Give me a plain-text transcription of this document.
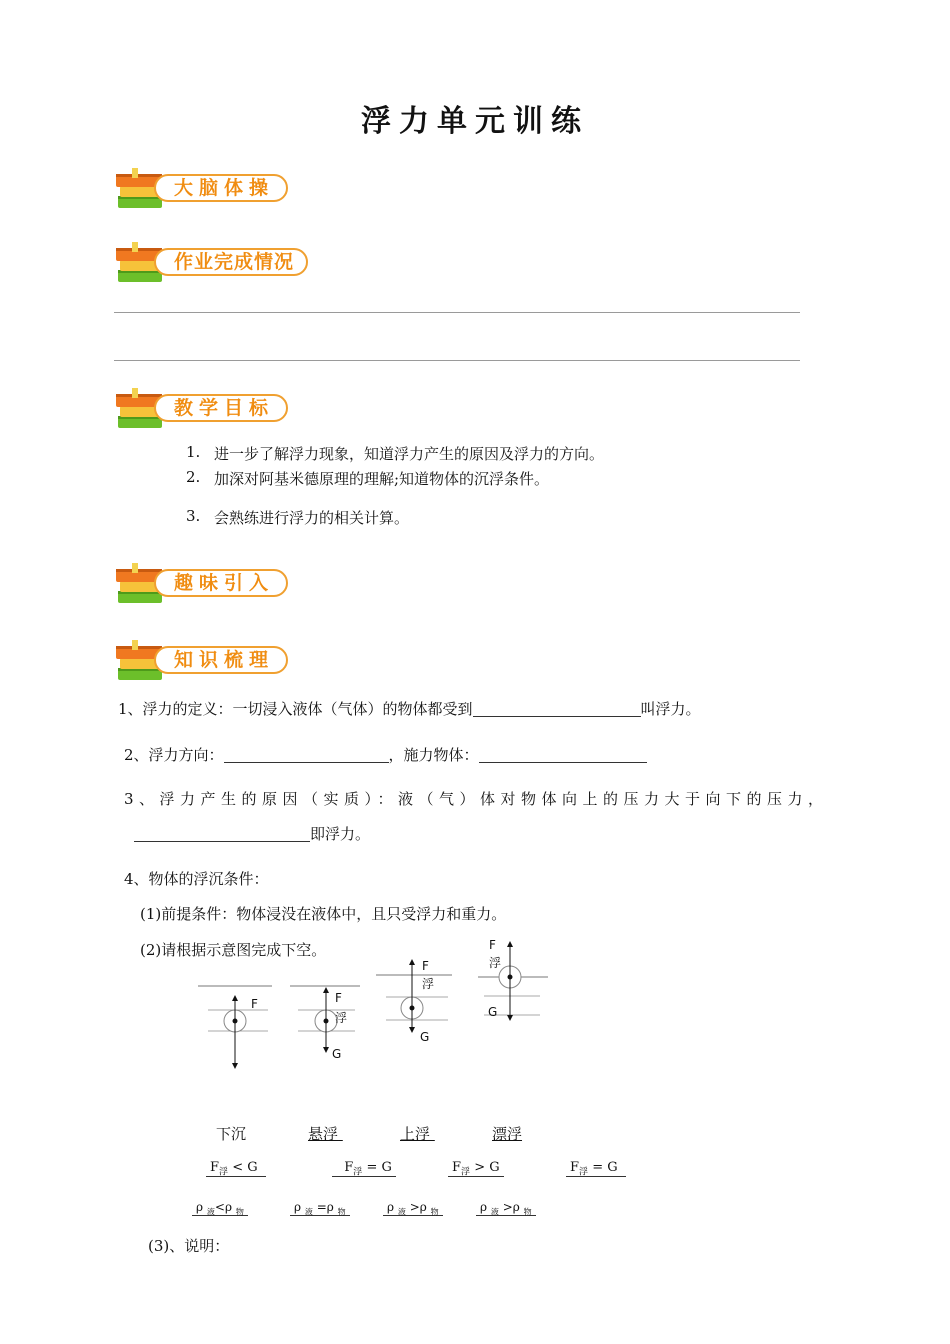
浮力单元训练
大脑体操
作业完成情况
教学目标
1. 进一步了解浮力现象，知道浮力产生的原因及浮力的方向。
2. 加深对阿基米德原理的理解;知道物体的沉浮条件。
3. 会熟练进行浮力的相关计算。
趣味引入
知识梳理
1、浮力的定义：一切浸入液体（气体）的物体都受到	叫浮力。
2、浮力方向：	，施力物体：
3、浮力产生的原因（实质）：液（气）体对物体向上的压力大于向下的压力，
即浮力。
4、物体的浮沉条件：
(1)前提条件：物体浸没在液体中，且只受浮力和重力。
(2)请根据示意图完成下空。
F	F
浮
G
F
浮
G
F
浮
G
下沉	悬浮	上浮	漂浮
$F_浮 < G$	$F_浮 = G$	$F_浮 > G$	$F_浮 = G$
ρ $_液$<ρ $_物$	ρ $_液$ =ρ $_物$	ρ $_液$ >ρ $_物$	ρ $_液$ >ρ $_物$
(3)、说明：
